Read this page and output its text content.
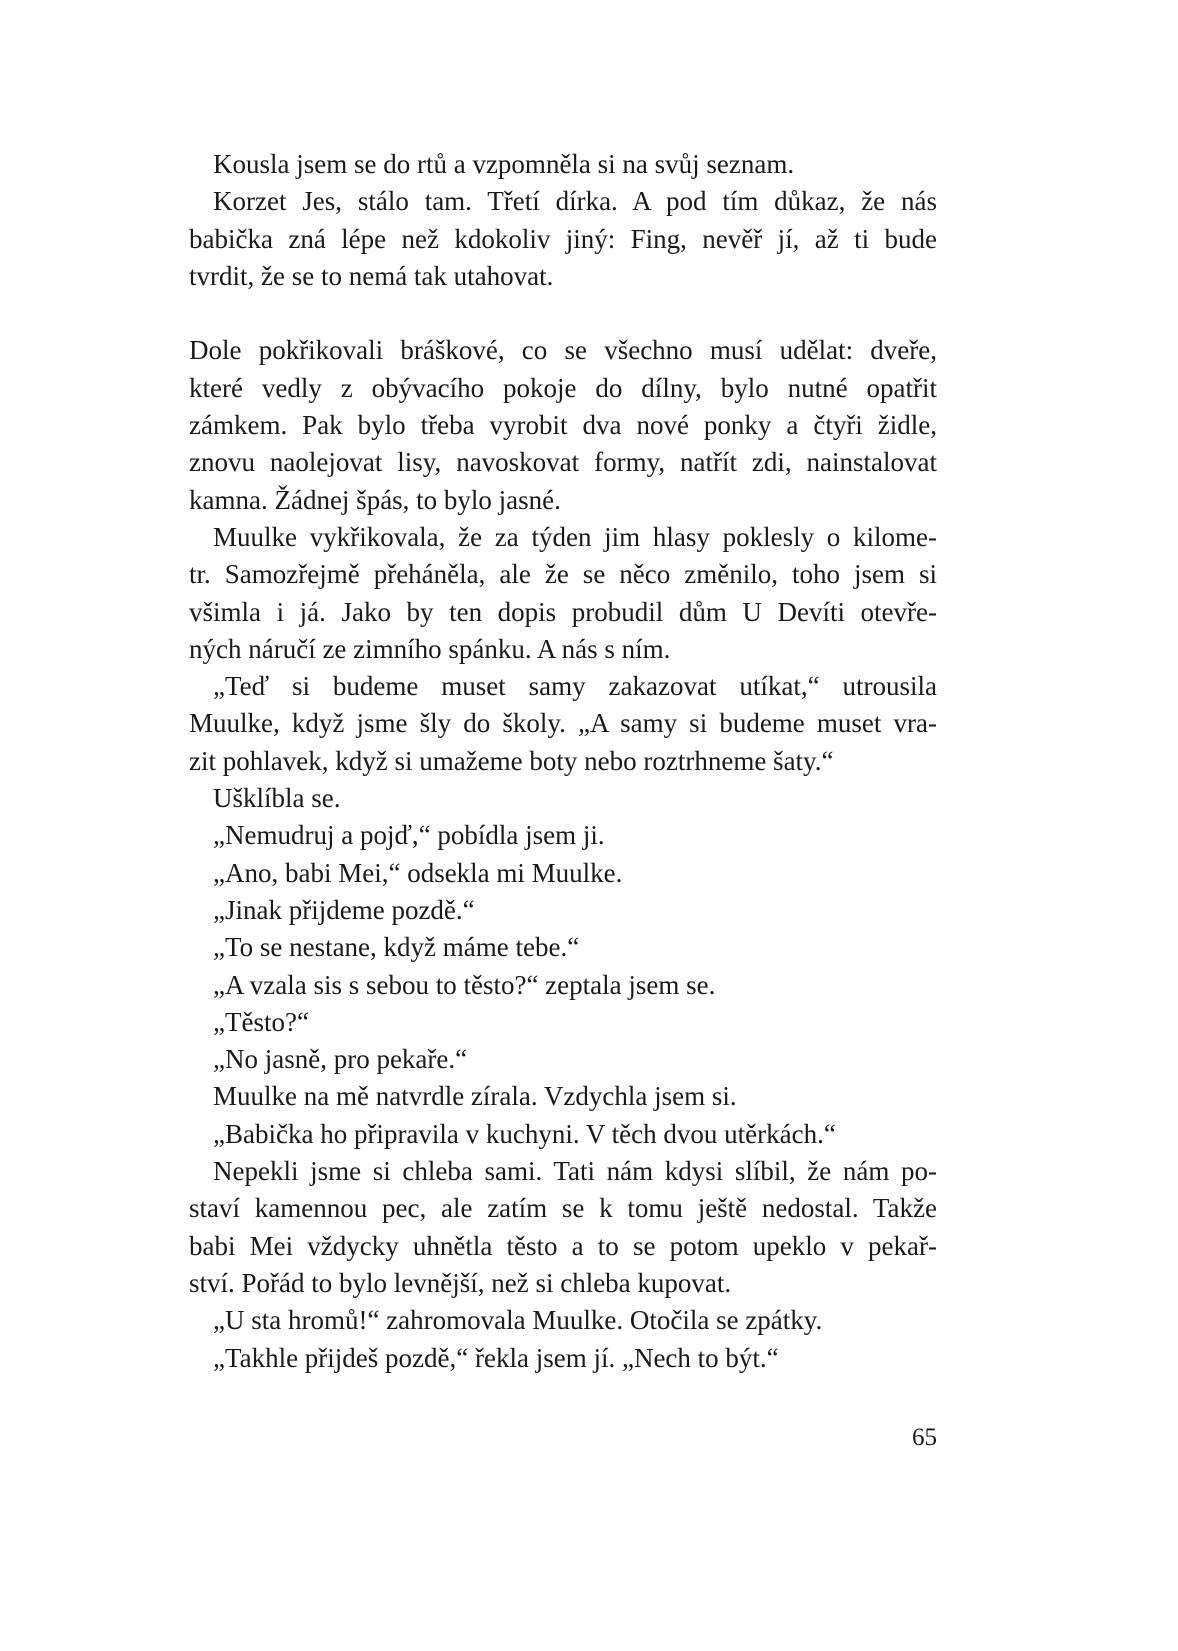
Kousla jsem se do rtů a vzpomněla si na svůj seznam.
Korzet Jes, stálo tam. Třetí dírka. A pod tím důkaz, že nás
babička zná lépe než kdokoliv jiný: Fing, nevěř jí, až ti bude
tvrdit, že se to nemá tak utahovat.
Dole pokřikovali bráškové, co se všechno musí udělat: dveře,
které vedly z obývacího pokoje do dílny, bylo nutné opatřit
zámkem. Pak bylo třeba vyrobit dva nové ponky a čtyři židle,
znovu naolejovat lisy, navoskovat formy, natřít zdi, nainstalovat
kamna. Žádnej špás, to bylo jasné.
Muulke vykřikovala, že za týden jim hlasy poklesly o kilome-
tr. Samozřejmě přeháněla, ale že se něco změnilo, toho jsem si
všimla i já. Jako by ten dopis probudil dům U Devíti otevře-
ných náručí ze zimního spánku. A nás s ním.
„Teď si budeme muset samy zakazovat utíkat,“ utrousila
Muulke, když jsme šly do školy. „A samy si budeme muset vra-
zit pohlavek, když si umažeme boty nebo roztrhneme šaty.“
Ušklíbla se.
„Nemudruj a pojď,“ pobídla jsem ji.
„Ano, babi Mei,“ odsekla mi Muulke.
„Jinak přijdeme pozdě.“
„To se nestane, když máme tebe.“
„A vzala sis s sebou to těsto?“ zeptala jsem se.
„Těsto?“
„No jasně, pro pekaře.“
Muulke na mě natvrdle zírala. Vzdychla jsem si.
„Babička ho připravila v kuchyni. V těch dvou utěrkách.“
Nepekli jsme si chleba sami. Tati nám kdysi slíbil, že nám po-
staví kamennou pec, ale zatím se k tomu ještě nedostal. Takže
babi Mei vždycky uhnětla těsto a to se potom upeklo v pekař-
ství. Pořád to bylo levnější, než si chleba kupovat.
„U sta hromů!“ zahromovala Muulke. Otočila se zpátky.
„Takhle přijdeš pozdě,“ řekla jsem jí. „Nech to být.“
65
